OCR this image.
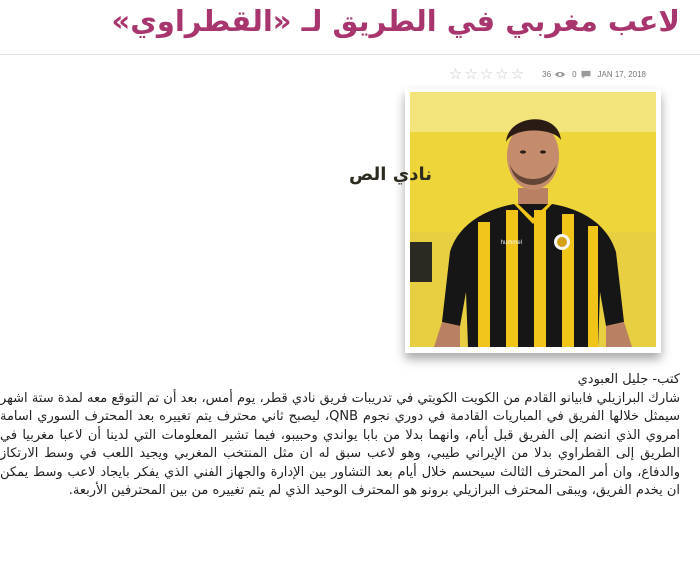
لاعب مغربي في الطريق لـ «القطراوي»
☆ ☆ ☆ ☆ ☆ 36	0	JAN 17, 2018
نادي الص
hummel
كتب- جليل العبودي
شارك البرازيلي فابيانو القادم من الكويت الكويتي في تدريبات فريق نادي قطر، يوم أمس، بعد أن تم التوقع معه لمدة ستة اشهر سيمثل خلالها الفريق في المباريات القادمة في دوري نجوم QNB، ليصبح ثاني محترف يتم تغييره بعد المحترف السوري اسامة امروي الذي انضم إلى الفريق قبل أيام، وانهما بدلا من بابا يواندي وحبيبو، فيما تشير المعلومات التي لدينا أن لاعبا مغربيا في الطريق إلى القطراوي بدلا من الإيراني طيبي، وهو لاعب سبق له ان مثل المنتخب المغربي ويجيد اللعب في وسط الارتكاز والدفاع، وان أمر المحترف الثالث سيحسم خلال أيام بعد التشاور بين الإدارة والجهاز الفني الذي يفكر بايجاد لاعب وسط يمكن ان يخدم الفريق، ويبقى المحترف البرازيلي برونو هو المحترف الوحيد الذي لم يتم تغييره من بين المحترفين الأربعة.
